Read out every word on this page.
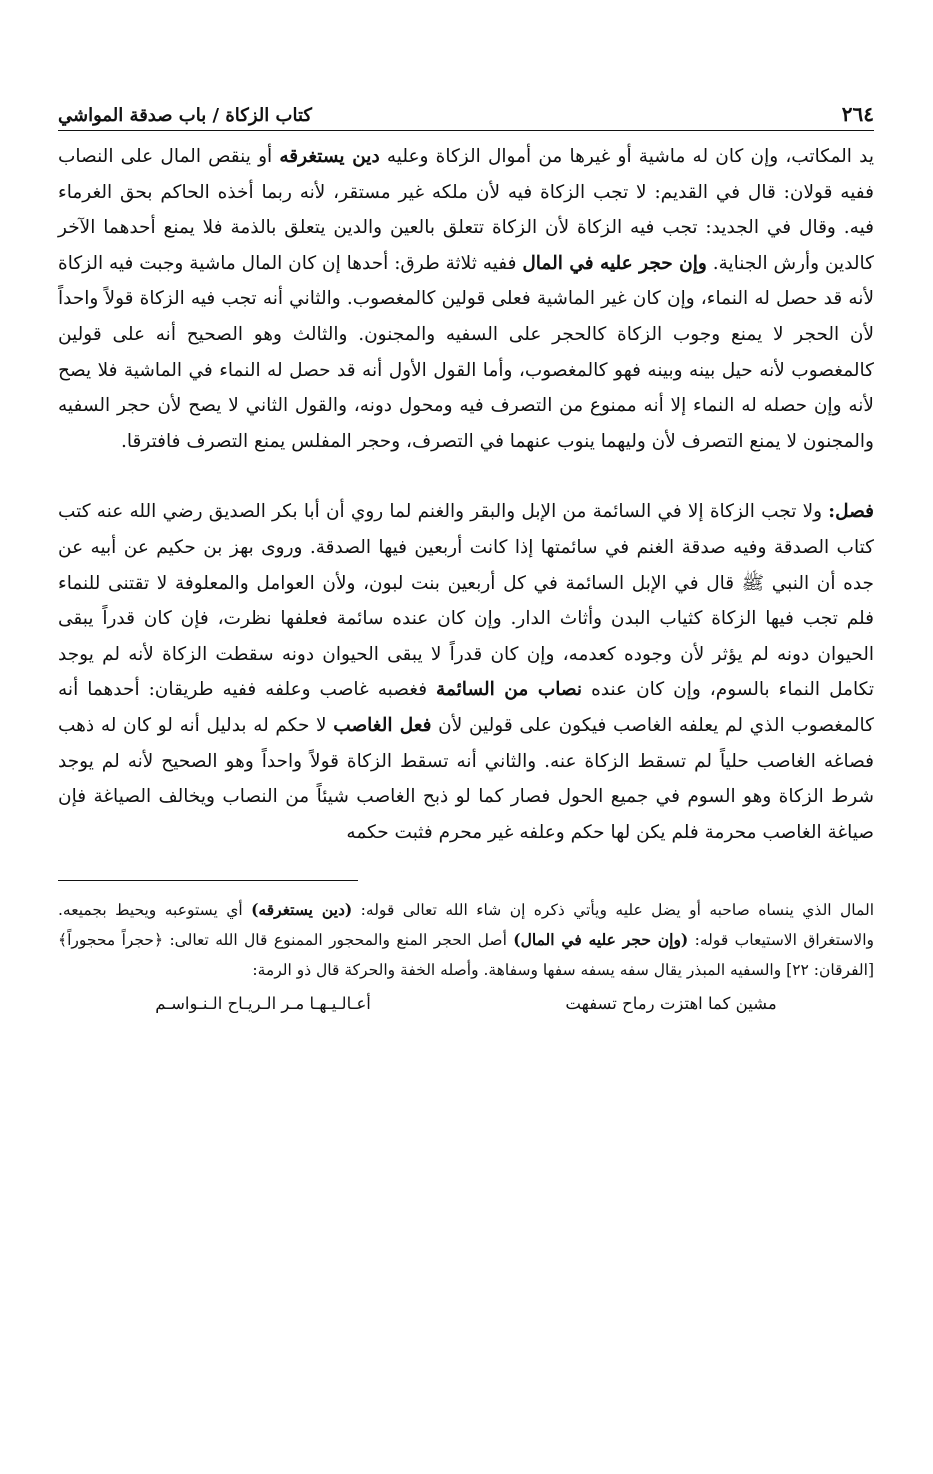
٢٦٤
كتاب الزكاة / باب صدقة المواشي

يد المكاتب، وإن كان له ماشية أو غيرها من أموال الزكاة وعليه دين يستغرقه أو ينقص المال على النصاب ففيه قولان: قال في القديم: لا تجب الزكاة فيه لأن ملكه غير مستقر، لأنه ربما أخذه الحاكم بحق الغرماء فيه. وقال في الجديد: تجب فيه الزكاة لأن الزكاة تتعلق بالعين والدين يتعلق بالذمة فلا يمنع أحدهما الآخر كالدين وأرش الجناية. وإن حجر عليه في المال ففيه ثلاثة طرق: أحدها إن كان المال ماشية وجبت فيه الزكاة لأنه قد حصل له النماء، وإن كان غير الماشية فعلى قولين كالمغصوب. والثاني أنه تجب فيه الزكاة قولاً واحداً لأن الحجر لا يمنع وجوب الزكاة كالحجر على السفيه والمجنون. والثالث وهو الصحيح أنه على قولين كالمغصوب لأنه حيل بينه وبينه فهو كالمغصوب، وأما القول الأول أنه قد حصل له النماء في الماشية فلا يصح لأنه وإن حصله له النماء إلا أنه ممنوع من التصرف فيه ومحول دونه، والقول الثاني لا يصح لأن حجر السفيه والمجنون لا يمنع التصرف لأن وليهما ينوب عنهما في التصرف، وحجر المفلس يمنع التصرف فافترقا.

فصل: ولا تجب الزكاة إلا في السائمة من الإبل والبقر والغنم لما روي أن أبا بكر الصديق رضي الله عنه كتب كتاب الصدقة وفيه صدقة الغنم في سائمتها إذا كانت أربعين فيها الصدقة. وروى بهز بن حكيم عن أبيه عن جده أن النبي ﷺ قال في الإبل السائمة في كل أربعين بنت لبون، ولأن العوامل والمعلوفة لا تقتنى للنماء فلم تجب فيها الزكاة كثياب البدن وأثاث الدار. وإن كان عنده سائمة فعلفها نظرت، فإن كان قدراً يبقى الحيوان دونه لم يؤثر لأن وجوده كعدمه، وإن كان قدراً لا يبقى الحيوان دونه سقطت الزكاة لأنه لم يوجد تكامل النماء بالسوم، وإن كان عنده نصاب من السائمة فغصبه غاصب وعلفه ففيه طريقان: أحدهما أنه كالمغصوب الذي لم يعلفه الغاصب فيكون على قولين لأن فعل الغاصب لا حكم له بدليل أنه لو كان له ذهب فصاغه الغاصب حلياً لم تسقط الزكاة عنه. والثاني أنه تسقط الزكاة قولاً واحداً وهو الصحيح لأنه لم يوجد شرط الزكاة وهو السوم في جميع الحول فصار كما لو ذبح الغاصب شيئاً من النصاب ويخالف الصياغة فإن صياغة الغاصب محرمة فلم يكن لها حكم وعلفه غير محرم فثبت حكمه

المال الذي ينساه صاحبه أو يضل عليه ويأتي ذكره إن شاء الله تعالى قوله: (دين يستغرقه) أي يستوعبه ويحيط بجميعه. والاستغراق الاستيعاب قوله: (وإن حجر عليه في المال) أصل الحجر المنع والمحجور الممنوع قال الله تعالى: ﴿حجراً محجوراً﴾ [الفرقان: ٢٢] والسفيه المبذر يقال سفه يسفه سفها وسفاهة. وأصله الخفة والحركة قال ذو الرمة:

مشين كما اهتزت رماح تسفهت
أعـالـيـهـا مـر الـريـاح الـنـواسـم
